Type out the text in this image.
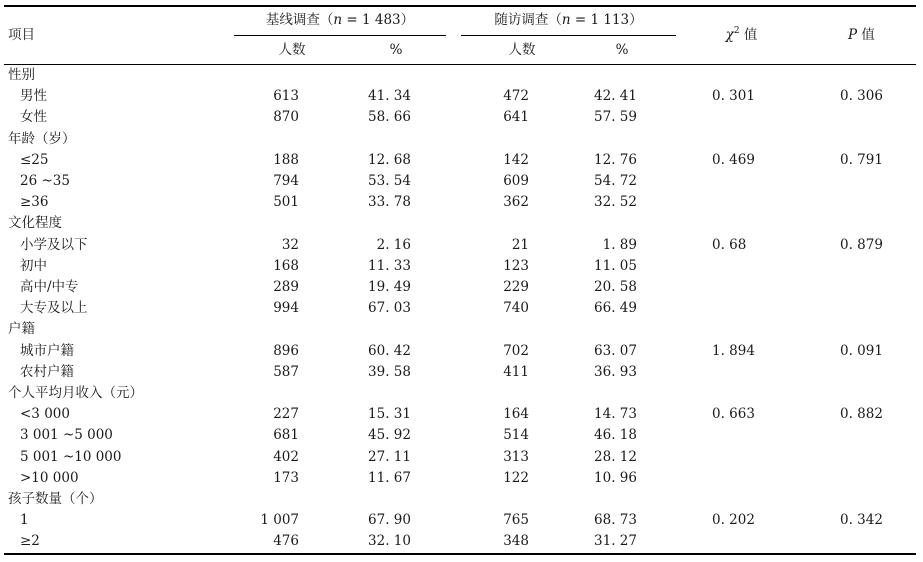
项目
基线调查（n = 1 483）	随访调查（n = 1 113）
人数	%	人数	%
$\chi^2$ 值	P 值
性别
男性	613	41. 34	472	42. 41	0. 301	0. 306
女性	870	58. 66	641	57. 59
年龄（岁）
≤25	188	12. 68	142	12. 76	0. 469	0. 791
26 ~35	794	53. 54	609	54. 72
≥36	501	33. 78	362	32. 52
文化程度
小学及以下	32	2. 16	21	1. 89	0. 68	0. 879
初中	168	11. 33	123	11. 05
高中/中专	289	19. 49	229	20. 58
大专及以上	994	67. 03	740	66. 49
户籍
城市户籍	896	60. 42	702	63. 07	1. 894	0. 091
农村户籍	587	39. 58	411	36. 93
个人平均月收入（元）
<3 000	227	15. 31	164	14. 73	0. 663	0. 882
3 001 ~5 000	681	45. 92	514	46. 18
5 001 ~10 000	402	27. 11	313	28. 12
>10 000	173	11. 67	122	10. 96
孩子数量（个）
1	1 007	67. 90	765	68. 73	0. 202	0. 342
≥2	476	32. 10	348	31. 27
